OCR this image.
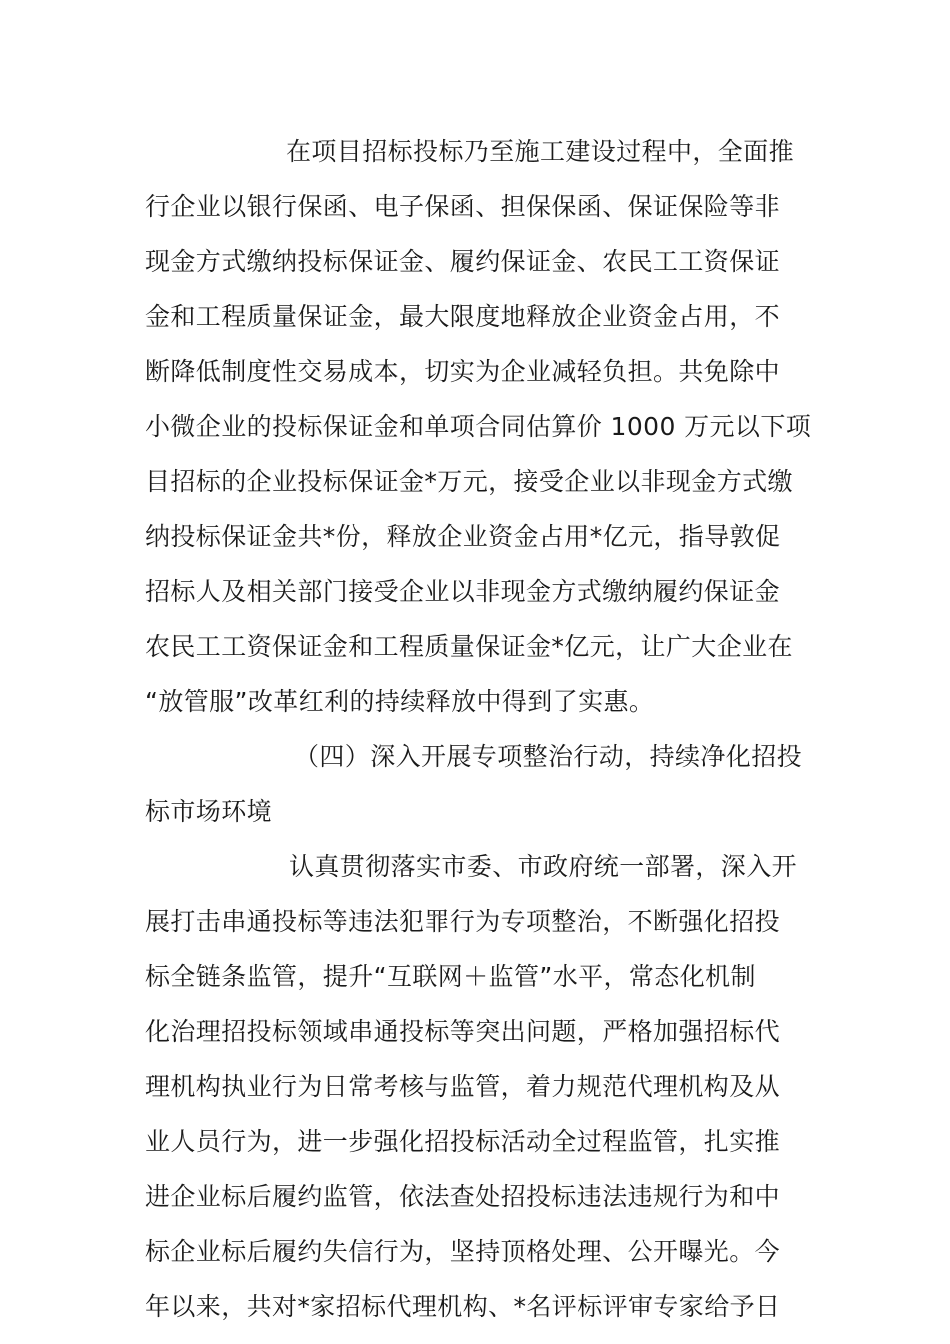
在项目招标投标乃至施工建设过程中，全面推
行企业以银行保函、电子保函、担保保函、保证保险等非
现金方式缴纳投标保证金、履约保证金、农民工工资保证
金和工程质量保证金，最大限度地释放企业资金占用，不
断降低制度性交易成本，切实为企业减轻负担。共免除中
小微企业的投标保证金和单项合同估算价 1000 万元以下项
目招标的企业投标保证金*万元，接受企业以非现金方式缴
纳投标保证金共*份，释放企业资金占用*亿元，指导敦促
招标人及相关部门接受企业以非现金方式缴纳履约保证金
农民工工资保证金和工程质量保证金*亿元，让广大企业在
“放管服”改革红利的持续释放中得到了实惠。
（四）深入开展专项整治行动，持续净化招投
标市场环境
认真贯彻落实市委、市政府统一部署，深入开
展打击串通投标等违法犯罪行为专项整治，不断强化招投
标全链条监管，提升“互联网＋监管”水平，常态化机制
化治理招投标领域串通投标等突出问题，严格加强招标代
理机构执业行为日常考核与监管，着力规范代理机构及从
业人员行为，进一步强化招投标活动全过程监管，扎实推
进企业标后履约监管，依法查处招投标违法违规行为和中
标企业标后履约失信行为，坚持顶格处理、公开曝光。今
年以来，共对*家招标代理机构、*名评标评审专家给予日
